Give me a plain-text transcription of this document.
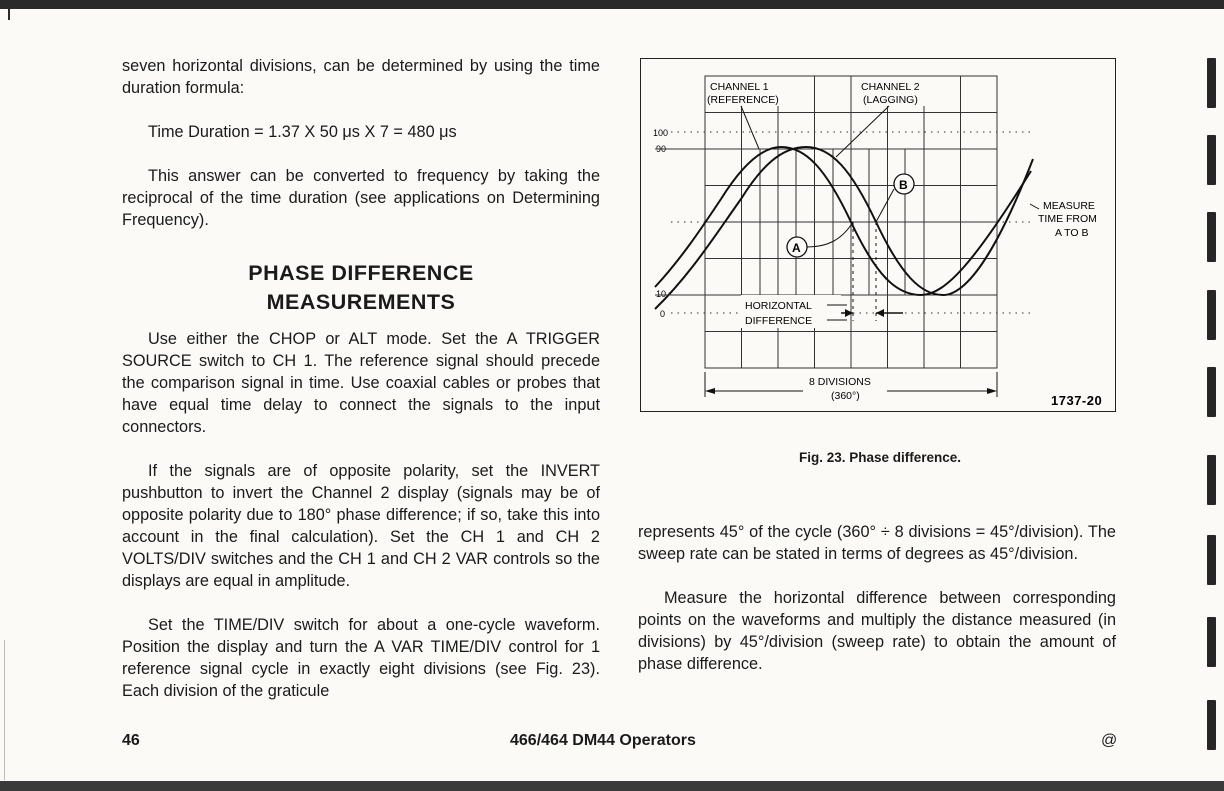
seven horizontal divisions, can be determined by using the time duration formula:

Time Duration = 1.37 X 50 μs X 7 = 480 μs

This answer can be converted to frequency by taking the reciprocal of the time duration (see applications on Determining Frequency).

PHASE DIFFERENCE

MEASUREMENTS

Use either the CHOP or ALT mode. Set the A TRIGGER SOURCE switch to CH 1. The reference signal should precede the comparison signal in time. Use coaxial cables or probes that have equal time delay to connect the signals to the input connectors.

If the signals are of opposite polarity, set the INVERT pushbutton to invert the Channel 2 display (signals may be of opposite polarity due to 180° phase difference; if so, take this into account in the final calculation). Set the CH 1 and CH 2 VOLTS/DIV switches and the CH 1 and CH 2 VAR controls so the displays are equal in amplitude.

Set the TIME/DIV switch for about a one-cycle waveform. Position the display and turn the A VAR TIME/DIV control for 1 reference signal cycle in exactly eight divisions (see Fig. 23). Each division of the graticule

CHANNEL 1
(REFERENCE)
CHANNEL 2
(LAGGING)
100
90
10
0
A
B
HORIZONTAL
DIFFERENCE
MEASURE
TIME FROM
A TO B
8 DIVISIONS
(360°)	1737-20
Fig. 23. Phase difference.

represents 45° of the cycle (360° ÷ 8 divisions = 45°/division). The sweep rate can be stated in terms of degrees as 45°/division.

Measure the horizontal difference between corresponding points on the waveforms and multiply the distance measured (in divisions) by 45°/division (sweep rate) to obtain the amount of phase difference.

46	466/464 DM44 Operators	@
